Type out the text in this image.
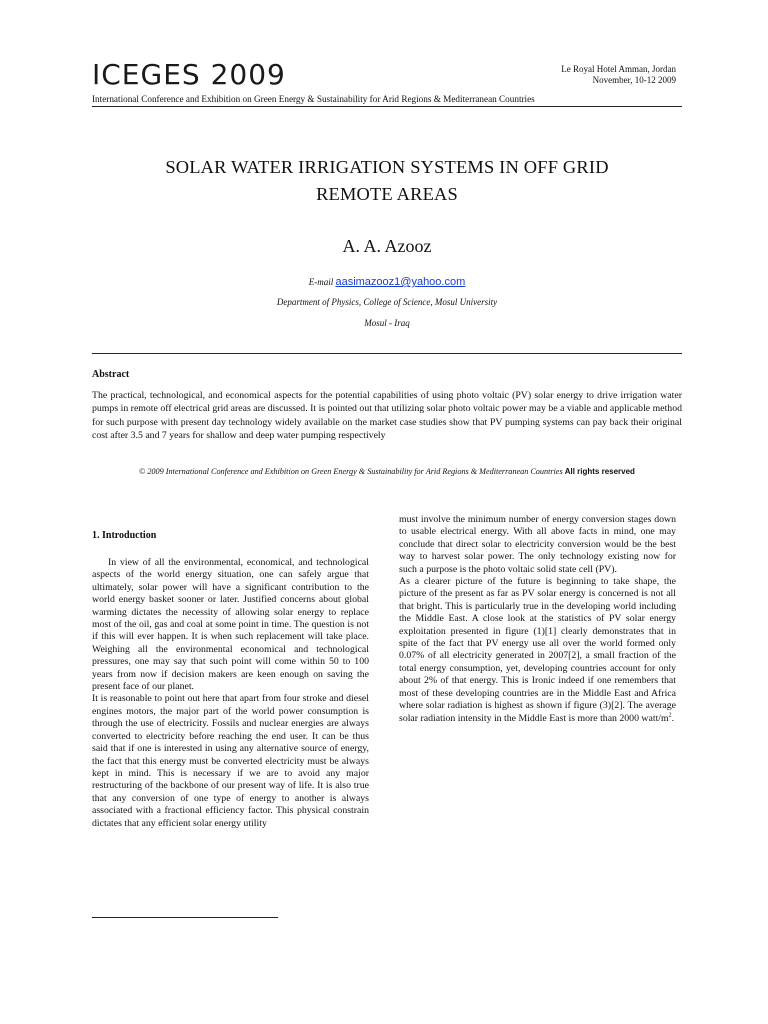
ICEGES 2009	Le Royal Hotel Amman, Jordan
November, 10-12 2009
International Conference and Exhibition on Green Energy & Sustainability for Arid Regions & Mediterranean Countries
SOLAR WATER IRRIGATION SYSTEMS IN OFF GRID
REMOTE AREAS
A. A. Azooz
E-mail aasimazooz1@yahoo.com
Department of Physics, College of Science, Mosul University
Mosul - Iraq
Abstract
The practical, technological, and economical aspects for the potential capabilities of using photo voltaic (PV) solar energy to drive irrigation water pumps in remote off electrical grid areas are discussed. It is pointed out that utilizing solar photo voltaic power may be a viable and applicable method for such purpose with present day technology widely available on the market case studies show that PV pumping systems can pay back their original cost after 3.5 and 7 years for shallow and deep water pumping respectively
© 2009 International Conference and Exhibition on Green Energy & Sustainability for Arid Regions & Mediterranean Countries All rights reserved
1. Introduction

In view of all the environmental, economical, and technological aspects of the world energy situation, one can safely argue that ultimately, solar power will have a significant contribution to the world energy basket sooner or later. Justified concerns about global warming dictates the necessity of allowing solar energy to replace most of the oil, gas and coal at some point in time. The question is not if this will ever happen. It is when such replacement will take place. Weighing all the environmental economical and technological pressures, one may say that such point will come within 50 to 100 years from now if decision makers are keen enough on saving the present face of our planet.

It is reasonable to point out here that apart from four stroke and diesel engines motors, the major part of the world power consumption is through the use of electricity. Fossils and nuclear energies are always converted to electricity before reaching the end user. It can be thus said that if one is interested in using any alternative source of energy, the fact that this energy must be converted electricity must be always kept in mind. This is necessary if we are to avoid any major restructuring of the backbone of our present way of life. It is also true that any conversion of one type of energy to another is always associated with a fractional efficiency factor. This physical constrain dictates that any efficient solar energy utility

must involve the minimum number of energy conversion stages down to usable electrical energy. With all above facts in mind, one may conclude that direct solar to electricity conversion would be the best way to harvest solar power. The only technology existing now for such a purpose is the photo voltaic solid state cell (PV).

As a clearer picture of the future is beginning to take shape, the picture of the present as far as PV solar energy is concerned is not all that bright. This is particularly true in the developing world including the Middle East. A close look at the statistics of PV solar energy exploitation presented in figure (1)[1] clearly demonstrates that in spite of the fact that PV energy use all over the world formed only 0.07% of all electricity generated in 2007[2], a small fraction of the total energy consumption, yet, developing countries account for only about 2% of that energy. This is Ironic indeed if one remembers that most of these developing countries are in the Middle East and Africa where solar radiation is highest as shown if figure (3)[2]. The average solar radiation intensity in the Middle East is more than 2000 watt/$m^2$.
